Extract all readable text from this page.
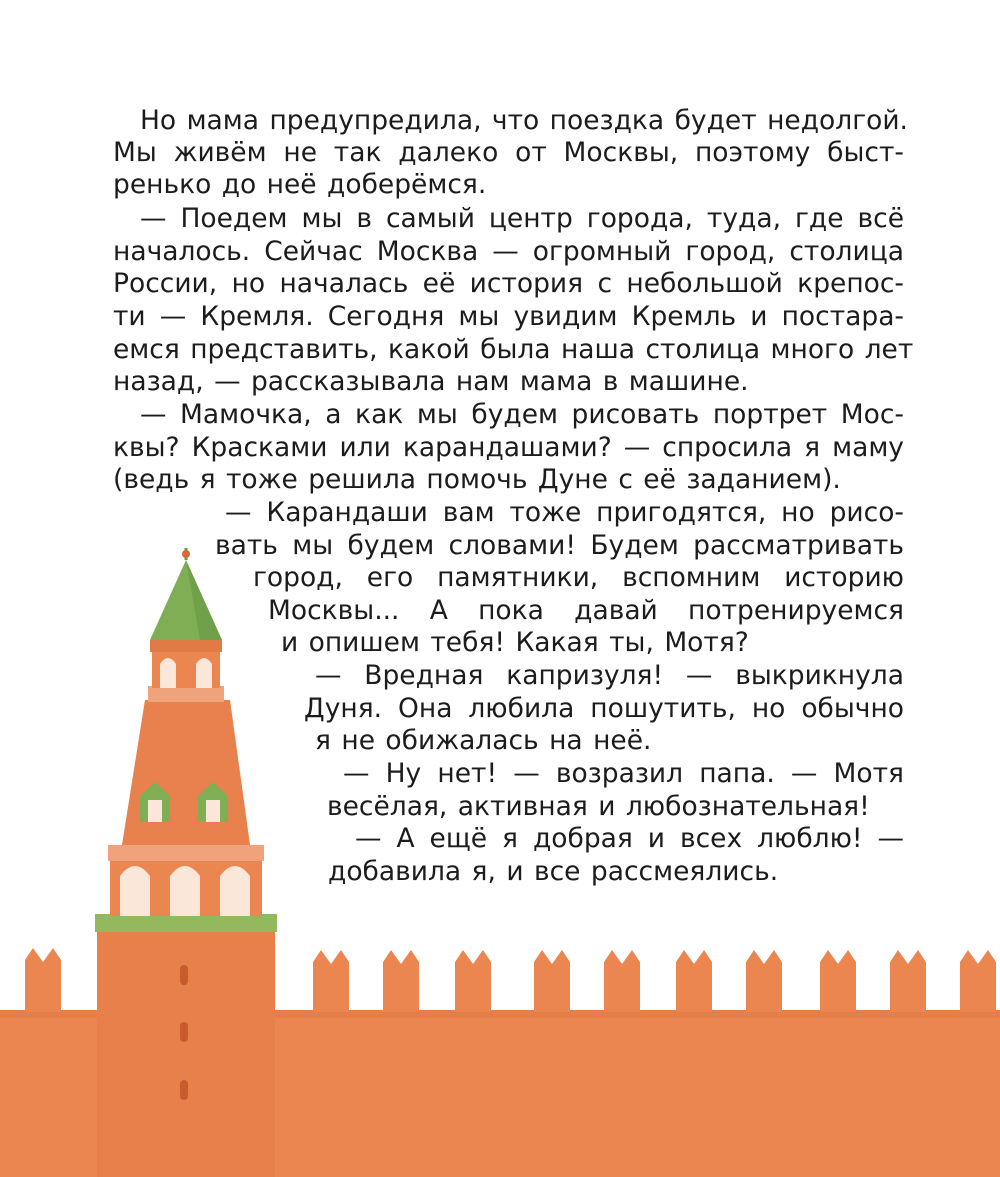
Но мама предупредила, что поездка будет недолгой.
Мы живём не так далеко от Москвы, поэтому быст-
ренько до неё доберёмся.
— Поедем мы в самый центр города, туда, где всё
началось. Сейчас Москва — огромный город, столица
России, но началась её история с небольшой крепос-
ти — Кремля. Сегодня мы увидим Кремль и постара-
емся представить, какой была наша столица много лет
назад, — рассказывала нам мама в машине.
— Мамочка, а как мы будем рисовать портрет Мос-
квы? Красками или карандашами? — спросила я маму
(ведь я тоже решила помочь Дуне с её заданием).
— Карандаши вам тоже пригодятся, но рисо-
вать мы будем словами! Будем рассматривать
город, его памятники, вспомним историю
Москвы... А пока давай потренируемся
и опишем тебя! Какая ты, Мотя?
— Вредная капризуля! — выкрикнула
Дуня. Она любила пошутить, но обычно
я не обижалась на неё.
— Ну нет! — возразил папа. — Мотя
весёлая, активная и любознательная!
— А ещё я добрая и всех люблю! —
добавила я, и все рассмеялись.
